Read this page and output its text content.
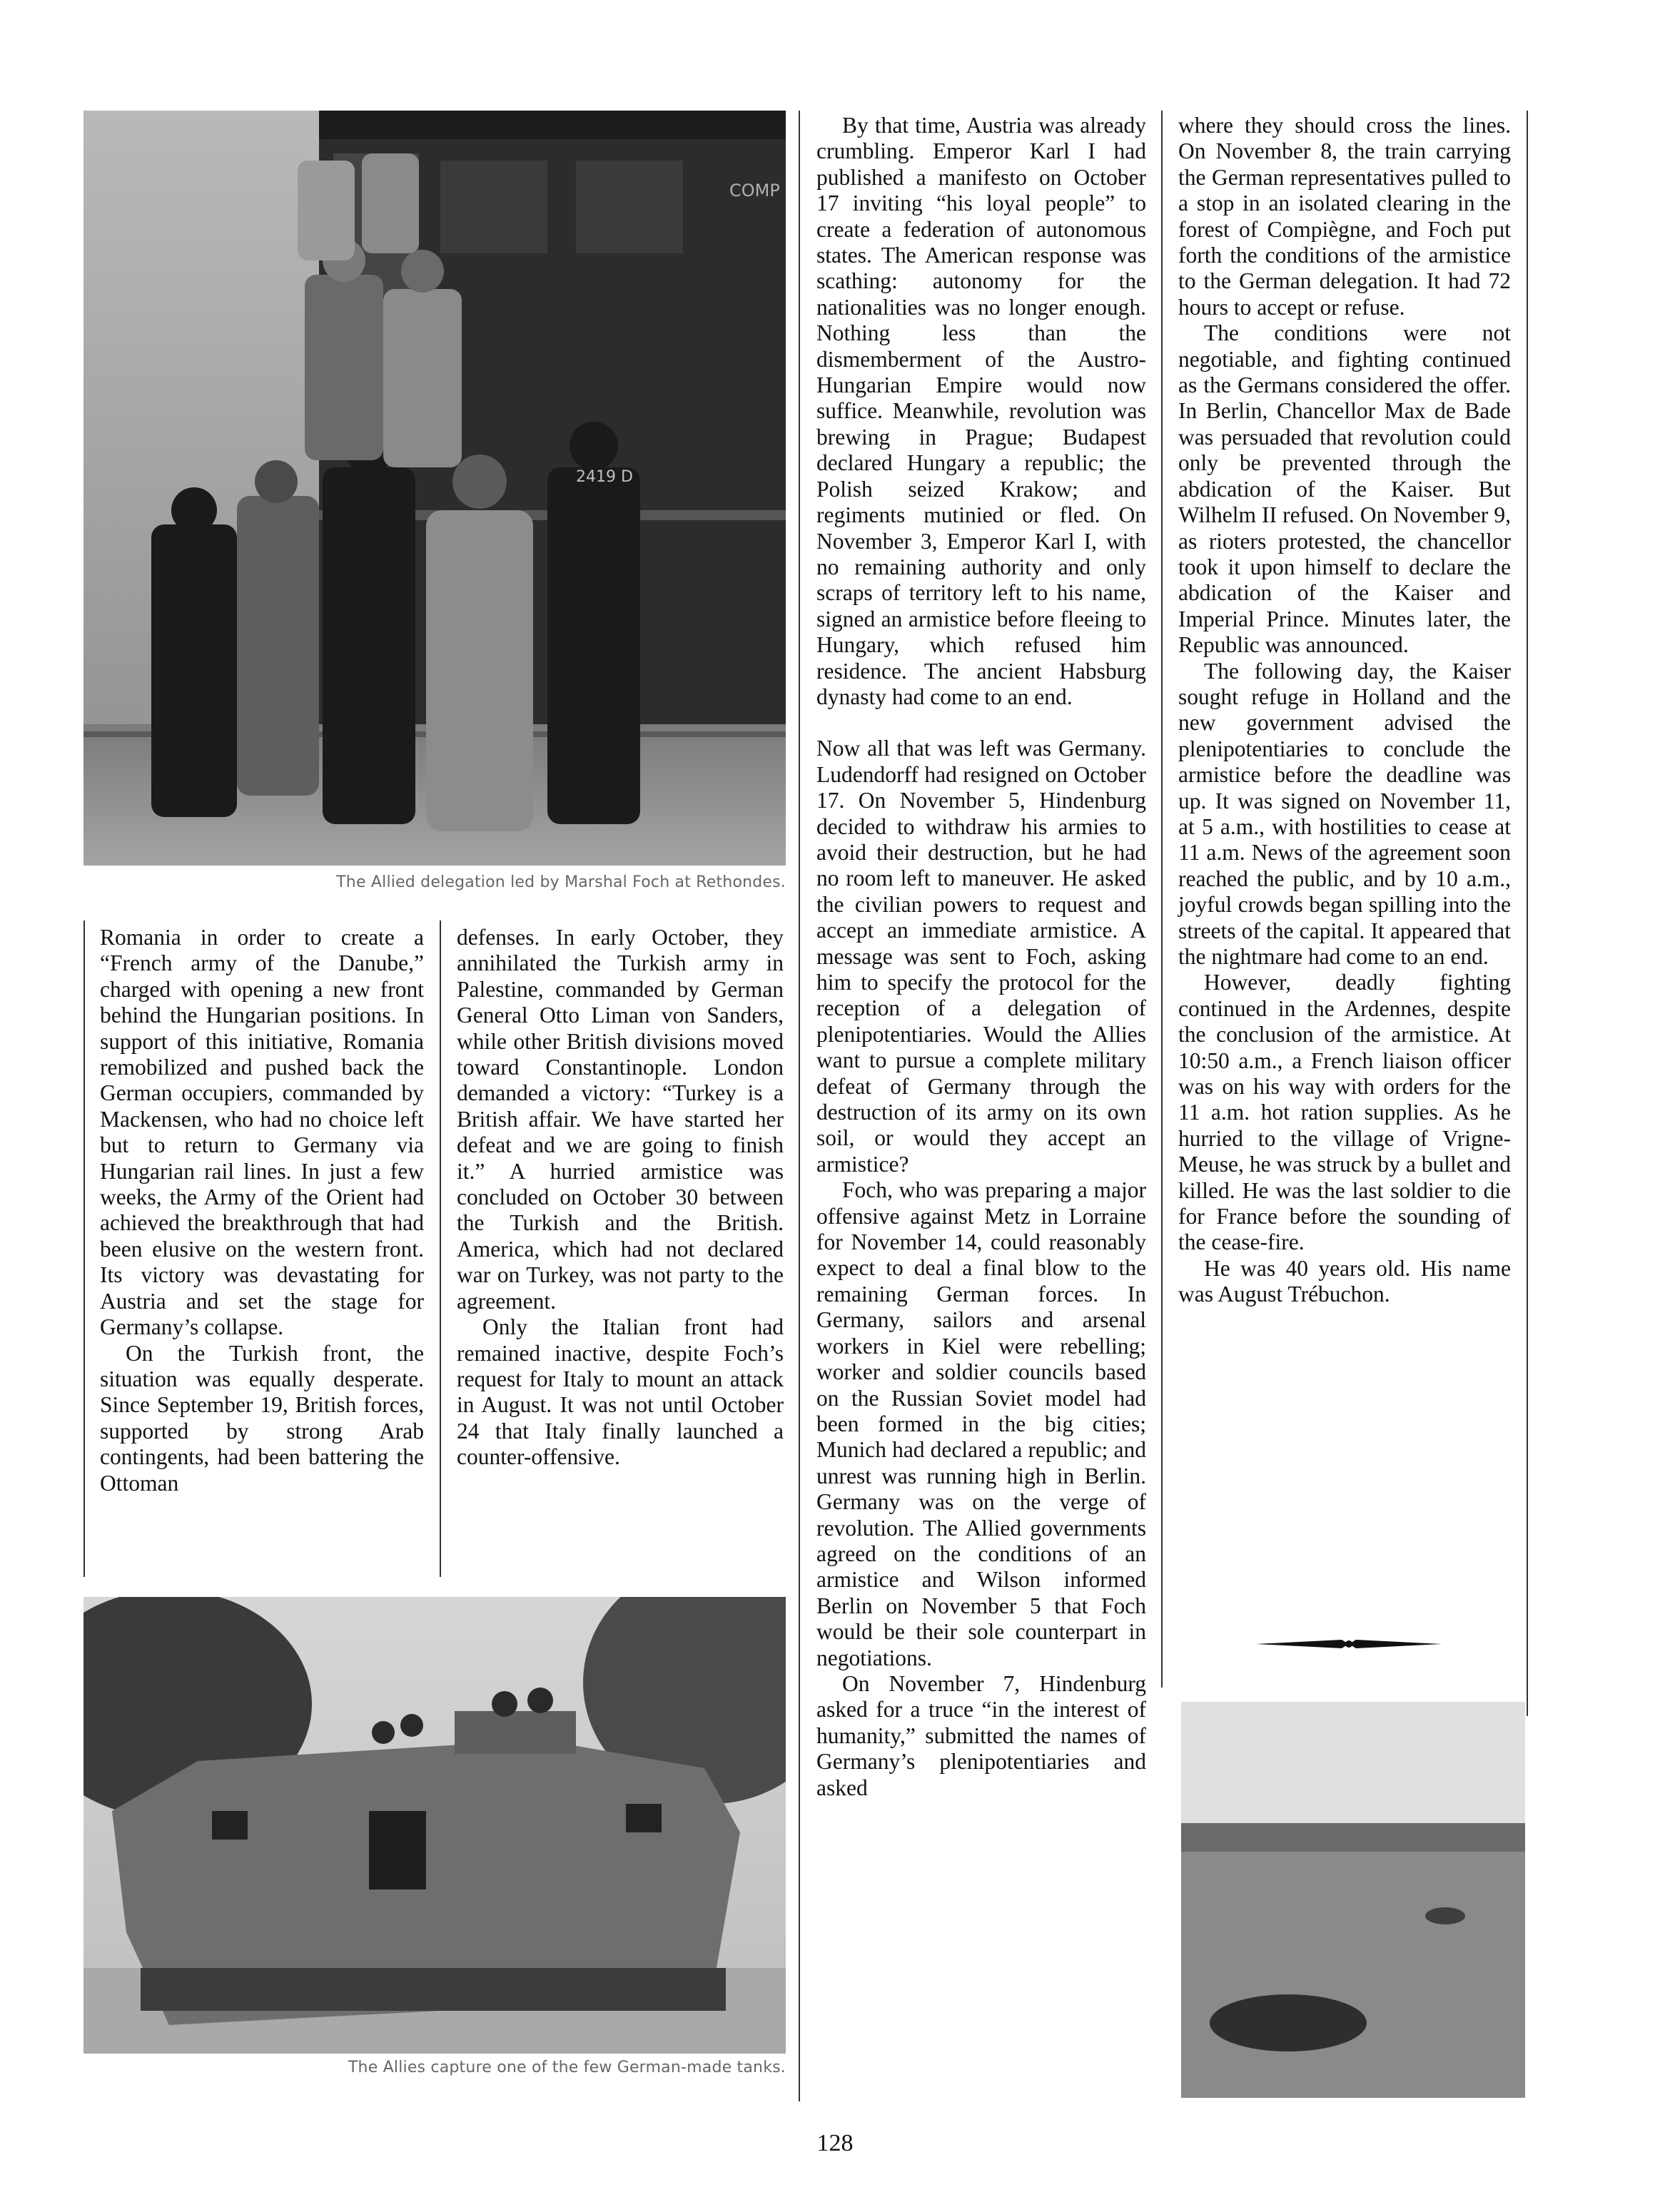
COMP
2419 D
The Allied delegation led by Marshal Foch at Rethondes.
The Allies capture one of the few German-made tanks.

Romania in order to create a “French army of the Danube,” charged with opening a new front behind the Hungarian positions. In support of this initiative, Romania remobilized and pushed back the German occupiers, commanded by Mackensen, who had no choice left but to return to Germany via Hungarian rail lines. In just a few weeks, the Army of the Orient had achieved the breakthrough that had been elusive on the western front. Its victory was devastating for Austria and set the stage for Germany’s collapse.

On the Turkish front, the situation was equally desperate. Since September 19, British forces, supported by strong Arab contingents, had been battering the Ottoman

defenses. In early October, they annihilated the Turkish army in Palestine, commanded by German General Otto Liman von Sanders, while other British divisions moved toward Constantinople. London demanded a victory: “Turkey is a British affair. We have started her defeat and we are going to finish it.” A hurried armistice was concluded on October 30 between the Turkish and the British. America, which had not declared war on Turkey, was not party to the agreement.

Only the Italian front had remained inactive, despite Foch’s request for Italy to mount an attack in August. It was not until October 24 that Italy finally launched a counter-offensive.

By that time, Austria was already crumbling. Emperor Karl I had published a manifesto on October 17 inviting “his loyal people” to create a federation of autonomous states. The American response was scathing: autonomy for the nationalities was no longer enough. Nothing less than the dismemberment of the Austro-Hungarian Empire would now suffice. Meanwhile, revolution was brewing in Prague; Budapest declared Hungary a republic; the Polish seized Krakow; and regiments mutinied or fled. On November 3, Emperor Karl I, with no remaining authority and only scraps of territory left to his name, signed an armistice before fleeing to Hungary, which refused him residence. The ancient Habsburg dynasty had come to an end.

Now all that was left was Germany. Ludendorff had resigned on October 17. On November 5, Hindenburg decided to withdraw his armies to avoid their destruction, but he had no room left to maneuver. He asked the civilian powers to request and accept an immediate armistice. A message was sent to Foch, asking him to specify the protocol for the reception of a delegation of plenipotentiaries. Would the Allies want to pursue a complete military defeat of Germany through the destruction of its army on its own soil, or would they accept an armistice?

Foch, who was preparing a major offensive against Metz in Lorraine for November 14, could reasonably expect to deal a final blow to the remaining German forces. In Germany, sailors and arsenal workers in Kiel were rebelling; worker and soldier councils based on the Russian Soviet model had been formed in the big cities; Munich had declared a republic; and unrest was running high in Berlin. Germany was on the verge of revolution. The Allied governments agreed on the conditions of an armistice and Wilson informed Berlin on November 5 that Foch would be their sole counterpart in negotiations.

On November 7, Hindenburg asked for a truce “in the interest of humanity,” submitted the names of Germany’s plenipotentiaries and asked

where they should cross the lines. On November 8, the train carrying the German representatives pulled to a stop in an isolated clearing in the forest of Compiègne, and Foch put forth the conditions of the armistice to the German delegation. It had 72 hours to accept or refuse.

The conditions were not negotiable, and fighting continued as the Germans considered the offer. In Berlin, Chancellor Max de Bade was persuaded that revolution could only be prevented through the abdication of the Kaiser. But Wilhelm II refused. On November 9, as rioters protested, the chancellor took it upon himself to declare the abdication of the Kaiser and Imperial Prince. Minutes later, the Republic was announced.

The following day, the Kaiser sought refuge in Holland and the new government advised the plenipotentiaries to conclude the armistice before the deadline was up. It was signed on November 11, at 5 a.m., with hostilities to cease at 11 a.m. News of the agreement soon reached the public, and by 10 a.m., joyful crowds began spilling into the streets of the capital. It appeared that the nightmare had come to an end.

However, deadly fighting continued in the Ardennes, despite the conclusion of the armistice. At 10:50 a.m., a French liaison officer was on his way with orders for the 11 a.m. hot ration supplies. As he hurried to the village of Vrigne-Meuse, he was struck by a bullet and killed. He was the last soldier to die for France before the sounding of the cease-fire.

He was 40 years old. His name was August Trébuchon.

128
